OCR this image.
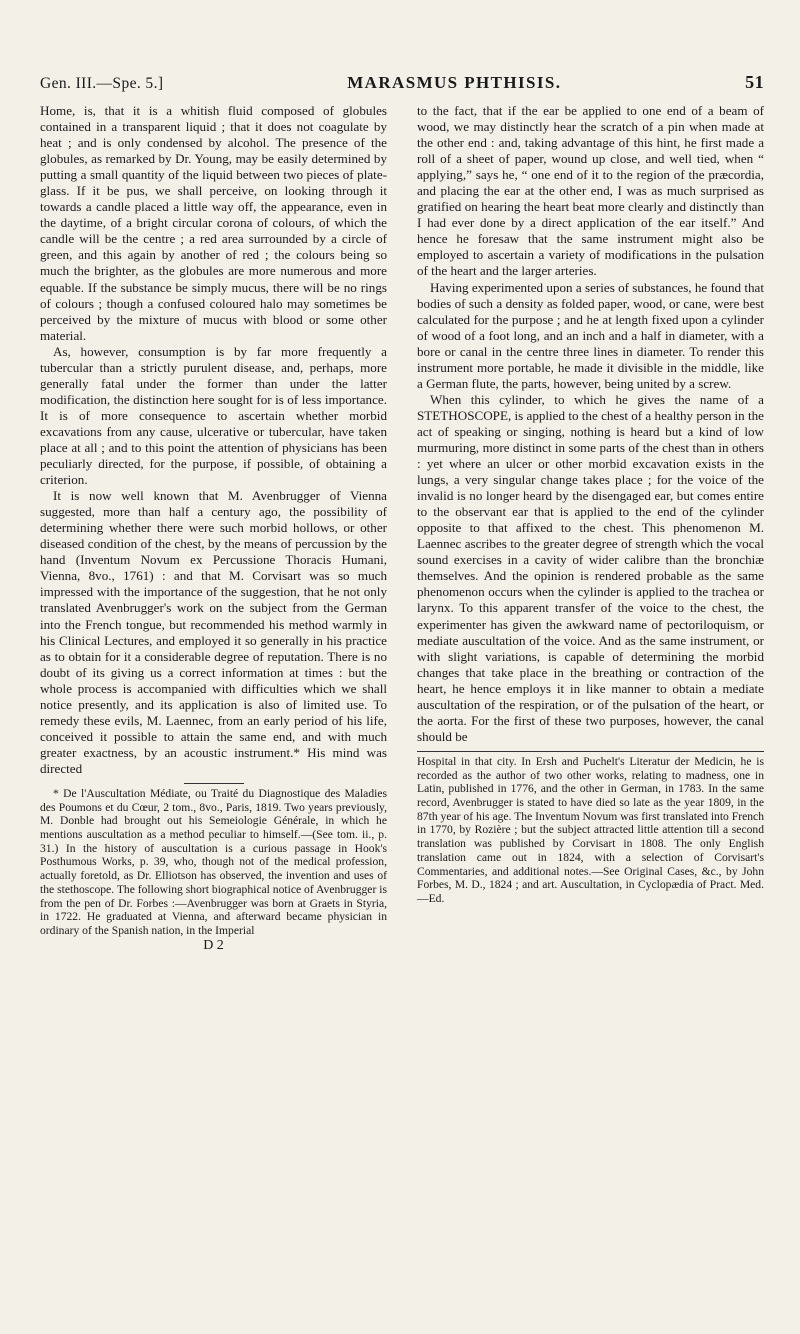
Gen. III.—Spe. 5.]	MARASMUS PHTHISIS.	51

Home, is, that it is a whitish fluid composed of globules contained in a transparent liquid ; that it does not coagulate by heat ; and is only condensed by alcohol. The presence of the globules, as remarked by Dr. Young, may be easily determined by putting a small quantity of the liquid between two pieces of plate-glass. If it be pus, we shall perceive, on looking through it towards a candle placed a little way off, the appearance, even in the daytime, of a bright circular corona of colours, of which the candle will be the centre ; a red area surrounded by a circle of green, and this again by another of red ; the colours being so much the brighter, as the globules are more numerous and more equable. If the substance be simply mucus, there will be no rings of colours ; though a confused coloured halo may sometimes be perceived by the mixture of mucus with blood or some other material.

As, however, consumption is by far more frequently a tubercular than a strictly purulent disease, and, perhaps, more generally fatal under the former than under the latter modification, the distinction here sought for is of less importance. It is of more consequence to ascertain whether morbid excavations from any cause, ulcerative or tubercular, have taken place at all ; and to this point the attention of physicians has been peculiarly directed, for the purpose, if possible, of obtaining a criterion.

It is now well known that M. Avenbrugger of Vienna suggested, more than half a century ago, the possibility of determining whether there were such morbid hollows, or other diseased condition of the chest, by the means of percussion by the hand (Inventum Novum ex Percussione Thoracis Humani, Vienna, 8vo., 1761) : and that M. Corvisart was so much impressed with the importance of the suggestion, that he not only translated Avenbrugger's work on the subject from the German into the French tongue, but recommended his method warmly in his Clinical Lectures, and employed it so generally in his practice as to obtain for it a considerable degree of reputation. There is no doubt of its giving us a correct information at times : but the whole process is accompanied with difficulties which we shall notice presently, and its application is also of limited use. To remedy these evils, M. Laennec, from an early period of his life, conceived it possible to attain the same end, and with much greater exactness, by an acoustic instrument.* His mind was directed

* De l'Auscultation Médiate, ou Traité du Diagnostique des Maladies des Poumons et du Cœur, 2 tom., 8vo., Paris, 1819. Two years previously, M. Donble had brought out his Semeiologie Générale, in which he mentions auscultation as a method peculiar to himself.—(See tom. ii., p. 31.) In the history of auscultation is a curious passage in Hook's Posthumous Works, p. 39, who, though not of the medical profession, actually foretold, as Dr. Elliotson has observed, the invention and uses of the stethoscope. The following short biographical notice of Avenbrugger is from the pen of Dr. Forbes :—Avenbrugger was born at Graets in Styria, in 1722. He graduated at Vienna, and afterward became physician in ordinary of the Spanish nation, in the Imperial

D 2

to the fact, that if the ear be applied to one end of a beam of wood, we may distinctly hear the scratch of a pin when made at the other end : and, taking advantage of this hint, he first made a roll of a sheet of paper, wound up close, and well tied, when “ applying,” says he, “ one end of it to the region of the præcordia, and placing the ear at the other end, I was as much surprised as gratified on hearing the heart beat more clearly and distinctly than I had ever done by a direct application of the ear itself.” And hence he foresaw that the same instrument might also be employed to ascertain a variety of modifications in the pulsation of the heart and the larger arteries.

Having experimented upon a series of substances, he found that bodies of such a density as folded paper, wood, or cane, were best calculated for the purpose ; and he at length fixed upon a cylinder of wood of a foot long, and an inch and a half in diameter, with a bore or canal in the centre three lines in diameter. To render this instrument more portable, he made it divisible in the middle, like a German flute, the parts, however, being united by a screw.

When this cylinder, to which he gives the name of a STETHOSCOPE, is applied to the chest of a healthy person in the act of speaking or singing, nothing is heard but a kind of low murmuring, more distinct in some parts of the chest than in others : yet where an ulcer or other morbid excavation exists in the lungs, a very singular change takes place ; for the voice of the invalid is no longer heard by the disengaged ear, but comes entire to the observant ear that is applied to the end of the cylinder opposite to that affixed to the chest. This phenomenon M. Laennec ascribes to the greater degree of strength which the vocal sound exercises in a cavity of wider calibre than the bronchiæ themselves. And the opinion is rendered probable as the same phenomenon occurs when the cylinder is applied to the trachea or larynx. To this apparent transfer of the voice to the chest, the experimenter has given the awkward name of pectoriloquism, or mediate auscultation of the voice. And as the same instrument, or with slight variations, is capable of determining the morbid changes that take place in the breathing or contraction of the heart, he hence employs it in like manner to obtain a mediate auscultation of the respiration, or of the pulsation of the heart, or the aorta. For the first of these two purposes, however, the canal should be

Hospital in that city. In Ersh and Puchelt's Literatur der Medicin, he is recorded as the author of two other works, relating to madness, one in Latin, published in 1776, and the other in German, in 1783. In the same record, Avenbrugger is stated to have died so late as the year 1809, in the 87th year of his age. The Inventum Novum was first translated into French in 1770, by Rozière ; but the subject attracted little attention till a second translation was published by Corvisart in 1808. The only English translation came out in 1824, with a selection of Corvisart's Commentaries, and additional notes.—See Original Cases, &c., by John Forbes, M. D., 1824 ; and art. Auscultation, in Cyclopædia of Pract. Med.—Ed.
